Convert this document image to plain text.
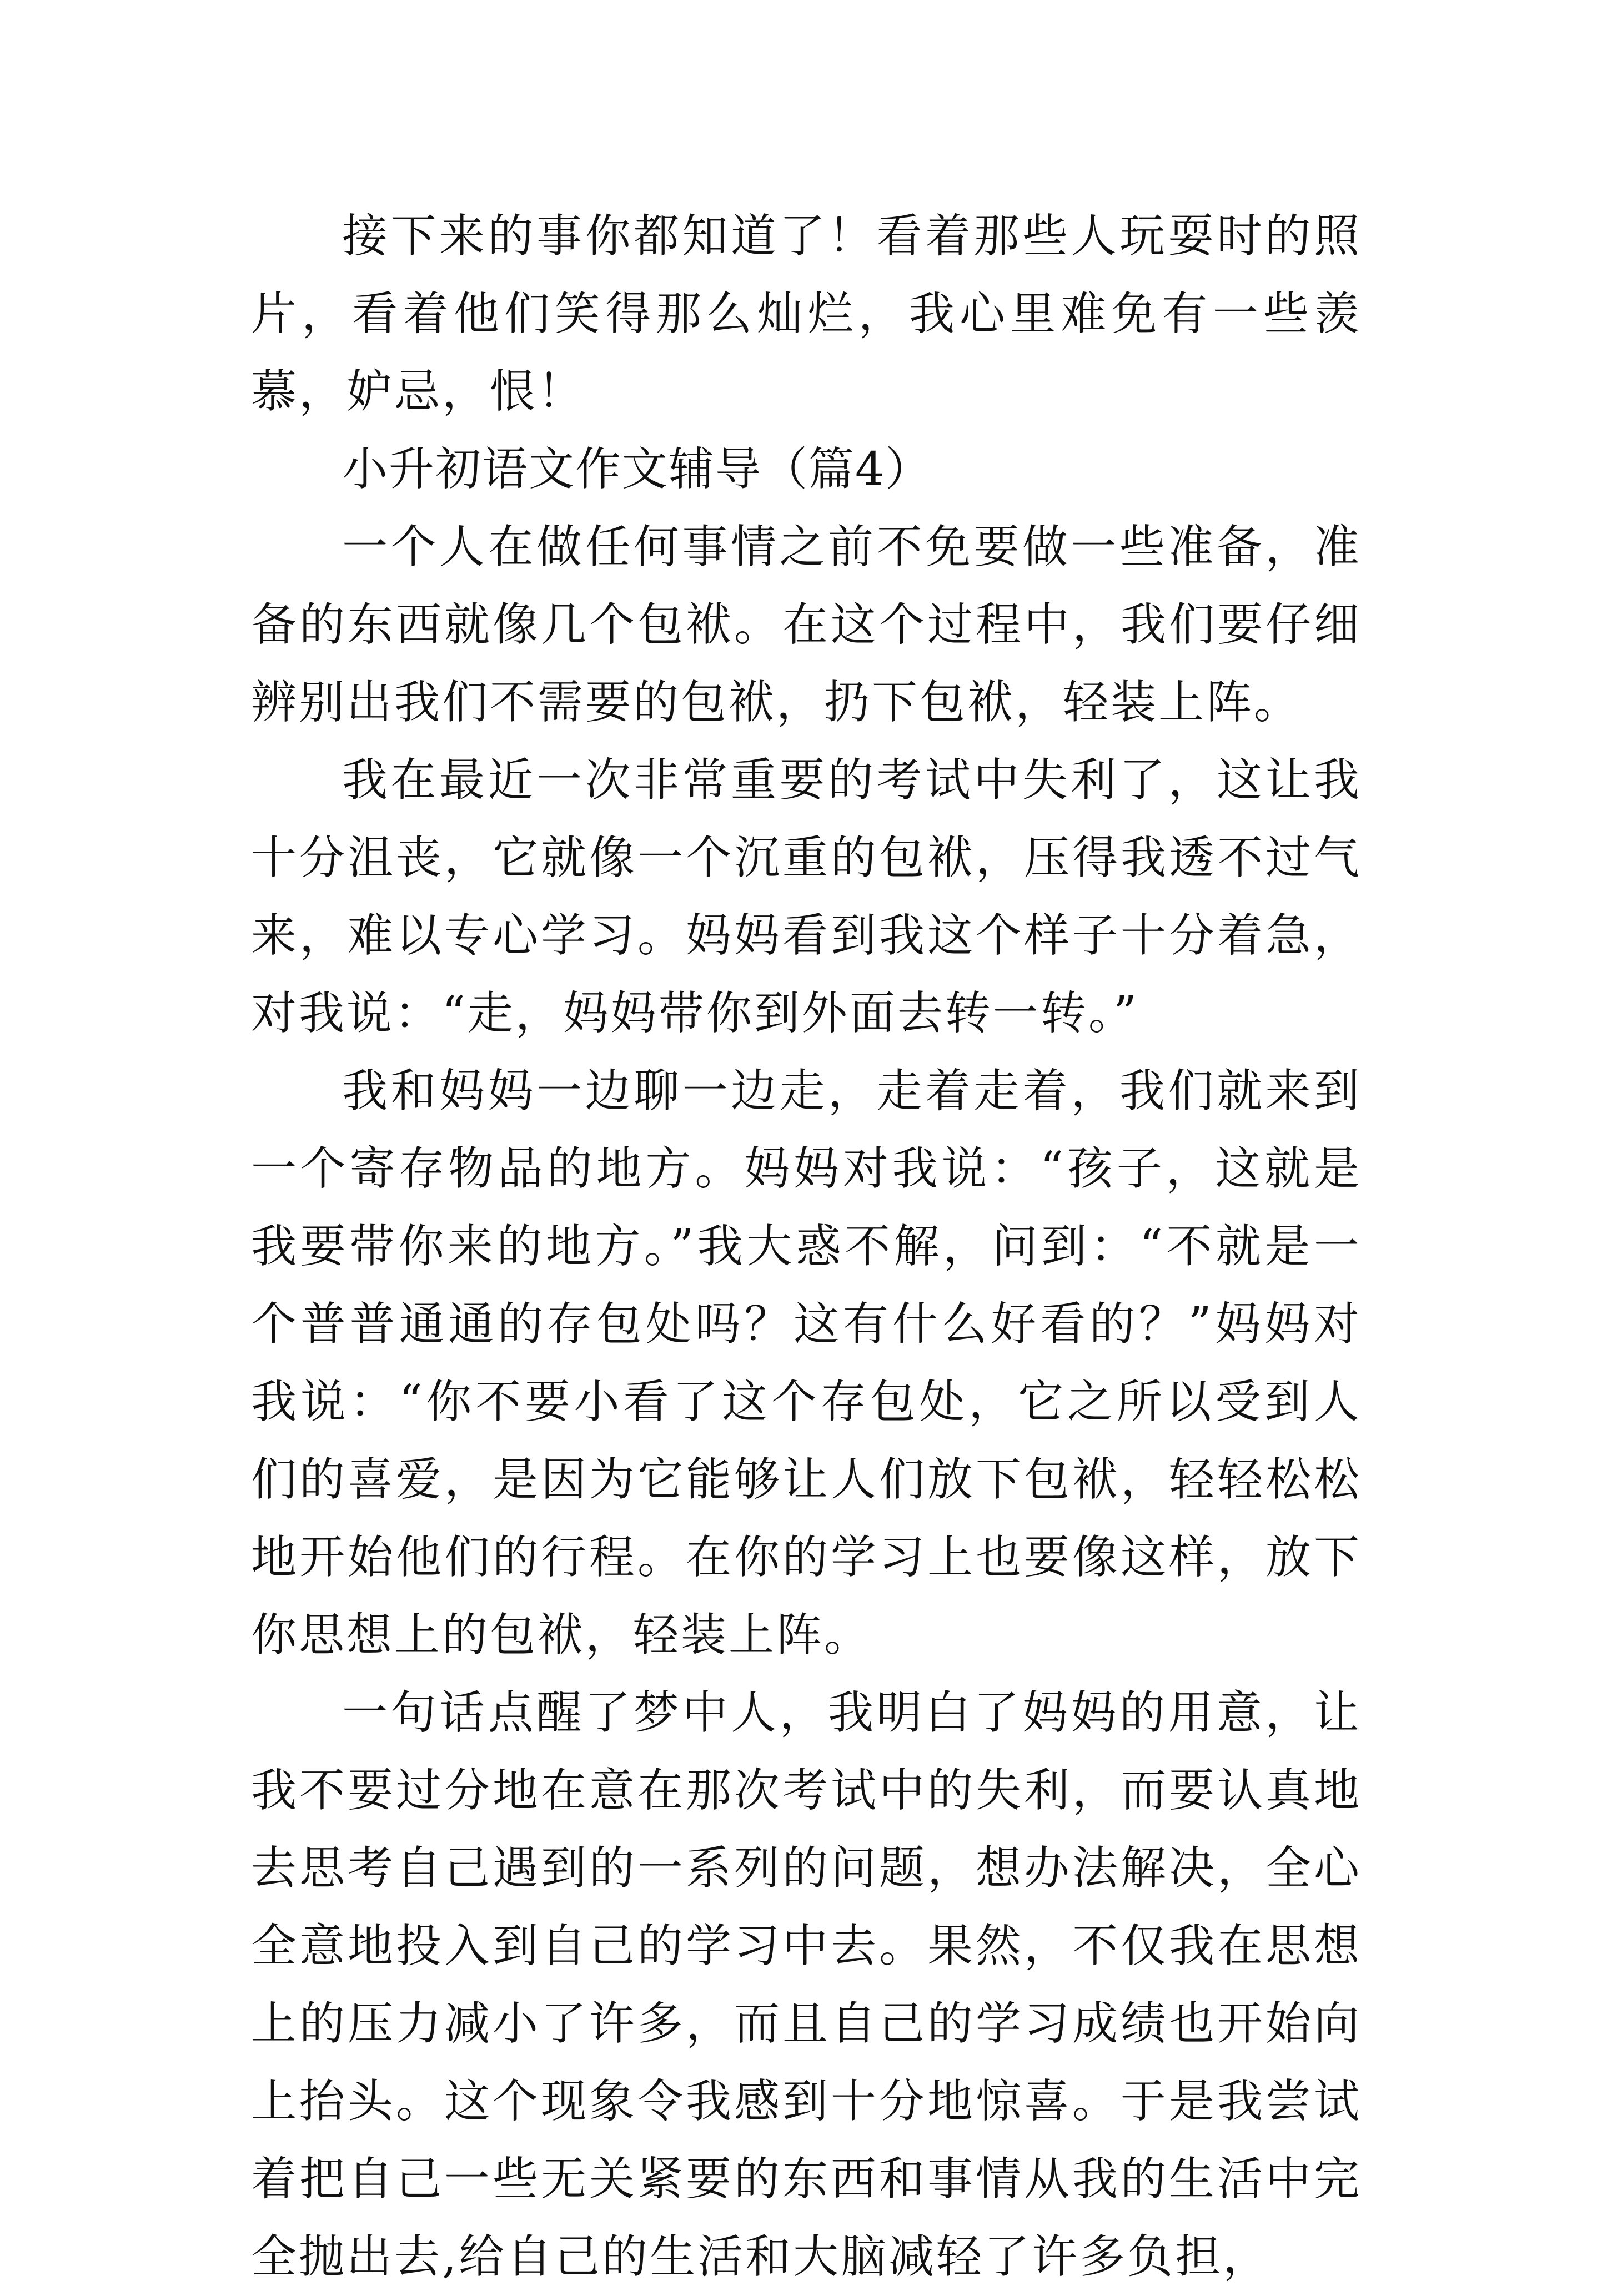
接下来的事你都知道了！看着那些人玩耍时的照片，看着他们笑得那么灿烂，我心里难免有一些羡慕，妒忌，恨！

小升初语文作文辅导（篇4）

一个人在做任何事情之前不免要做一些准备，准备的东西就像几个包袱。在这个过程中，我们要仔细辨别出我们不需要的包袱，扔下包袱，轻装上阵。

我在最近一次非常重要的考试中失利了，这让我十分沮丧，它就像一个沉重的包袱，压得我透不过气来，难以专心学习。妈妈看到我这个样子十分着急，对我说：“走，妈妈带你到外面去转一转。”

我和妈妈一边聊一边走，走着走着，我们就来到一个寄存物品的地方。妈妈对我说：“孩子，这就是我要带你来的地方。”我大惑不解，问到：“不就是一个普普通通的存包处吗？这有什么好看的？”妈妈对我说：“你不要小看了这个存包处，它之所以受到人们的喜爱，是因为它能够让人们放下包袱，轻轻松松地开始他们的行程。在你的学习上也要像这样，放下你思想上的包袱，轻装上阵。

一句话点醒了梦中人，我明白了妈妈的用意，让我不要过分地在意在那次考试中的失利，而要认真地去思考自己遇到的一系列的问题，想办法解决，全心全意地投入到自己的学习中去。果然，不仅我在思想上的压力减小了许多，而且自己的学习成绩也开始向上抬头。这个现象令我感到十分地惊喜。于是我尝试着把自己一些无关紧要的东西和事情从我的生活中完全抛出去,给自己的生活和大脑减轻了许多负担，
